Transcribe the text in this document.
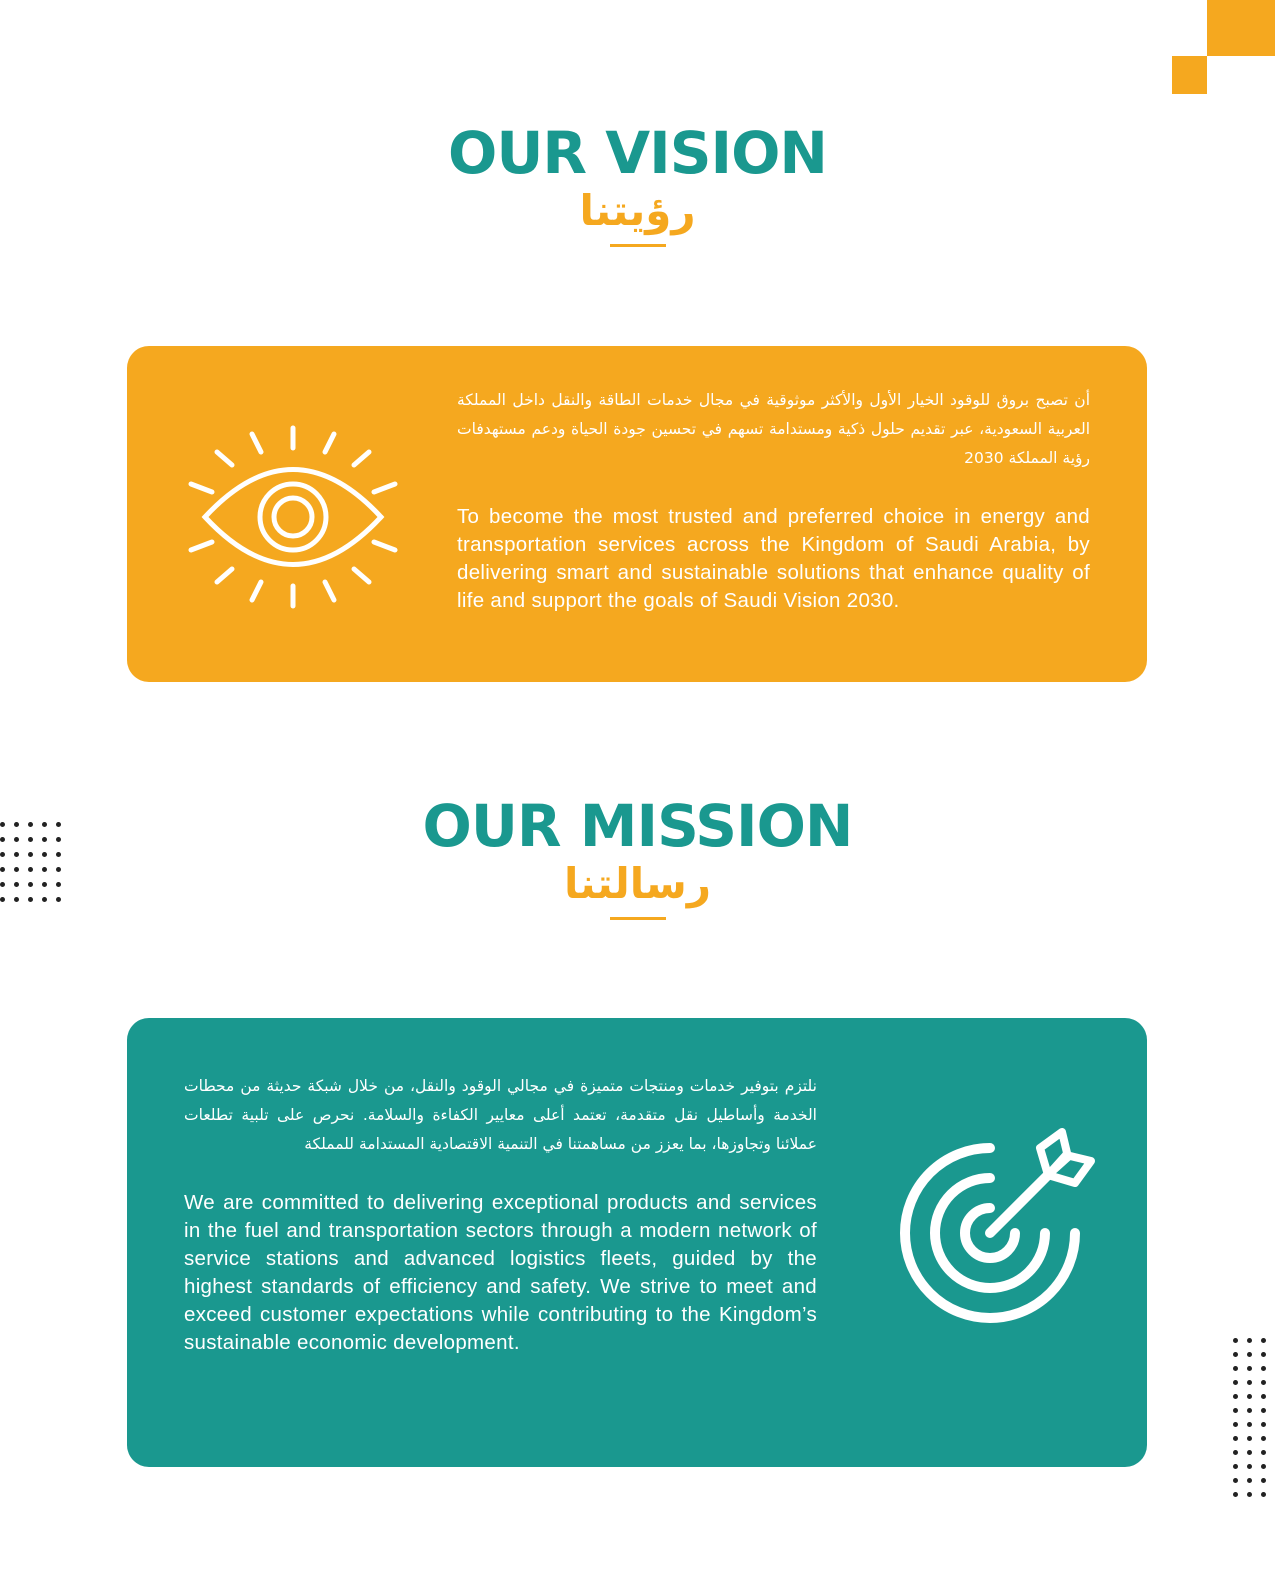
OUR VISION
رؤيتنا

أن تصبح بروق للوقود الخيار الأول والأكثر موثوقية في مجال خدمات الطاقة والنقل داخل المملكة العربية السعودية، عبر تقديم حلول ذكية ومستدامة تسهم في تحسين جودة الحياة ودعم مستهدفات رؤية المملكة 2030

To become the most trusted and preferred choice in energy and transportation services across the Kingdom of Saudi Arabia, by delivering smart and sustainable solutions that enhance quality of life and support the goals of Saudi Vision 2030.

OUR MISSION
رسالتنا

نلتزم بتوفير خدمات ومنتجات متميزة في مجالي الوقود والنقل، من خلال شبكة حديثة من محطات الخدمة وأساطيل نقل متقدمة، تعتمد أعلى معايير الكفاءة والسلامة. نحرص على تلبية تطلعات عملائنا وتجاوزها، بما يعزز من مساهمتنا في التنمية الاقتصادية المستدامة للمملكة

We are committed to delivering exceptional products and services in the fuel and transportation sectors through a modern network of service stations and advanced logistics fleets, guided by the highest standards of efficiency and safety. We strive to meet and exceed customer expectations while contributing to the Kingdom’s sustainable economic development.
